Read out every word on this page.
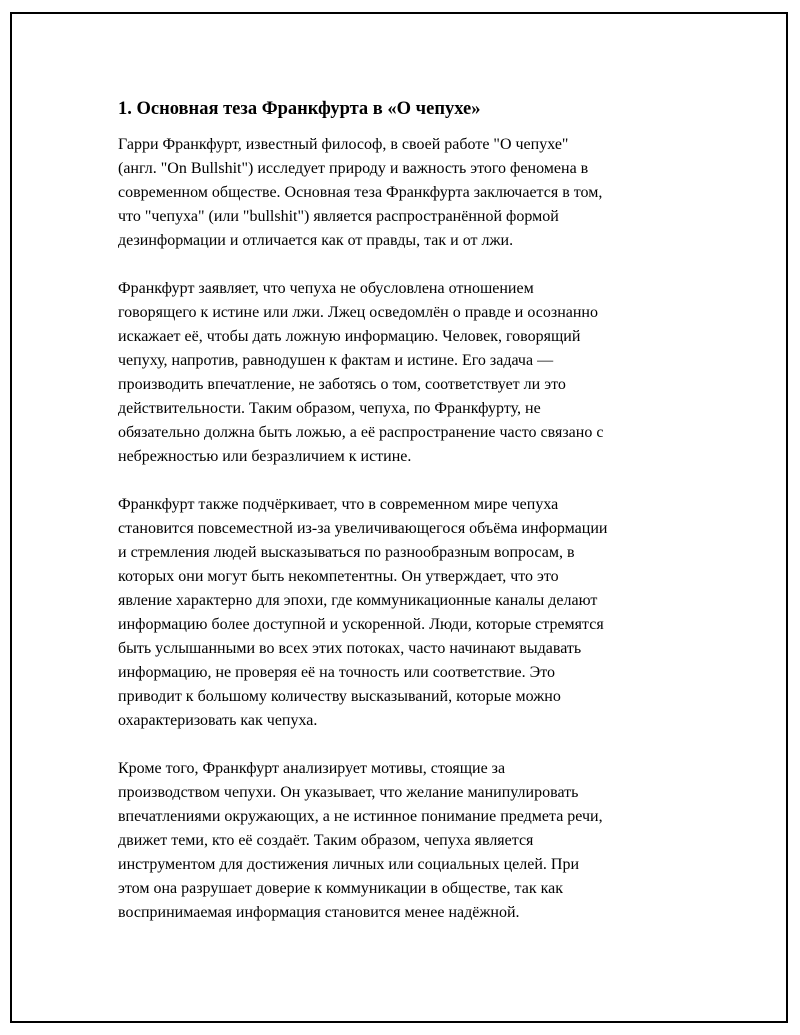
1. Основная теза Франкфурта в «О чепухе»

Гарри Франкфурт, известный философ, в своей работе "О чепухе"
(англ. "On Bullshit") исследует природу и важность этого феномена в
современном обществе. Основная теза Франкфурта заключается в том,
что "чепуха" (или "bullshit") является распространённой формой
дезинформации и отличается как от правды, так и от лжи.

Франкфурт заявляет, что чепуха не обусловлена отношением
говорящего к истине или лжи. Лжец осведомлён о правде и осознанно
искажает её, чтобы дать ложную информацию. Человек, говорящий
чепуху, напротив, равнодушен к фактам и истине. Его задача —
производить впечатление, не заботясь о том, соответствует ли это
действительности. Таким образом, чепуха, по Франкфурту, не
обязательно должна быть ложью, а её распространение часто связано с
небрежностью или безразличием к истине.

Франкфурт также подчёркивает, что в современном мире чепуха
становится повсеместной из-за увеличивающегося объёма информации
и стремления людей высказываться по разнообразным вопросам, в
которых они могут быть некомпетентны. Он утверждает, что это
явление характерно для эпохи, где коммуникационные каналы делают
информацию более доступной и ускоренной. Люди, которые стремятся
быть услышанными во всех этих потоках, часто начинают выдавать
информацию, не проверяя её на точность или соответствие. Это
приводит к большому количеству высказываний, которые можно
охарактеризовать как чепуха.

Кроме того, Франкфурт анализирует мотивы, стоящие за
производством чепухи. Он указывает, что желание манипулировать
впечатлениями окружающих, а не истинное понимание предмета речи,
движет теми, кто её создаёт. Таким образом, чепуха является
инструментом для достижения личных или социальных целей. При
этом она разрушает доверие к коммуникации в обществе, так как
воспринимаемая информация становится менее надёжной.
